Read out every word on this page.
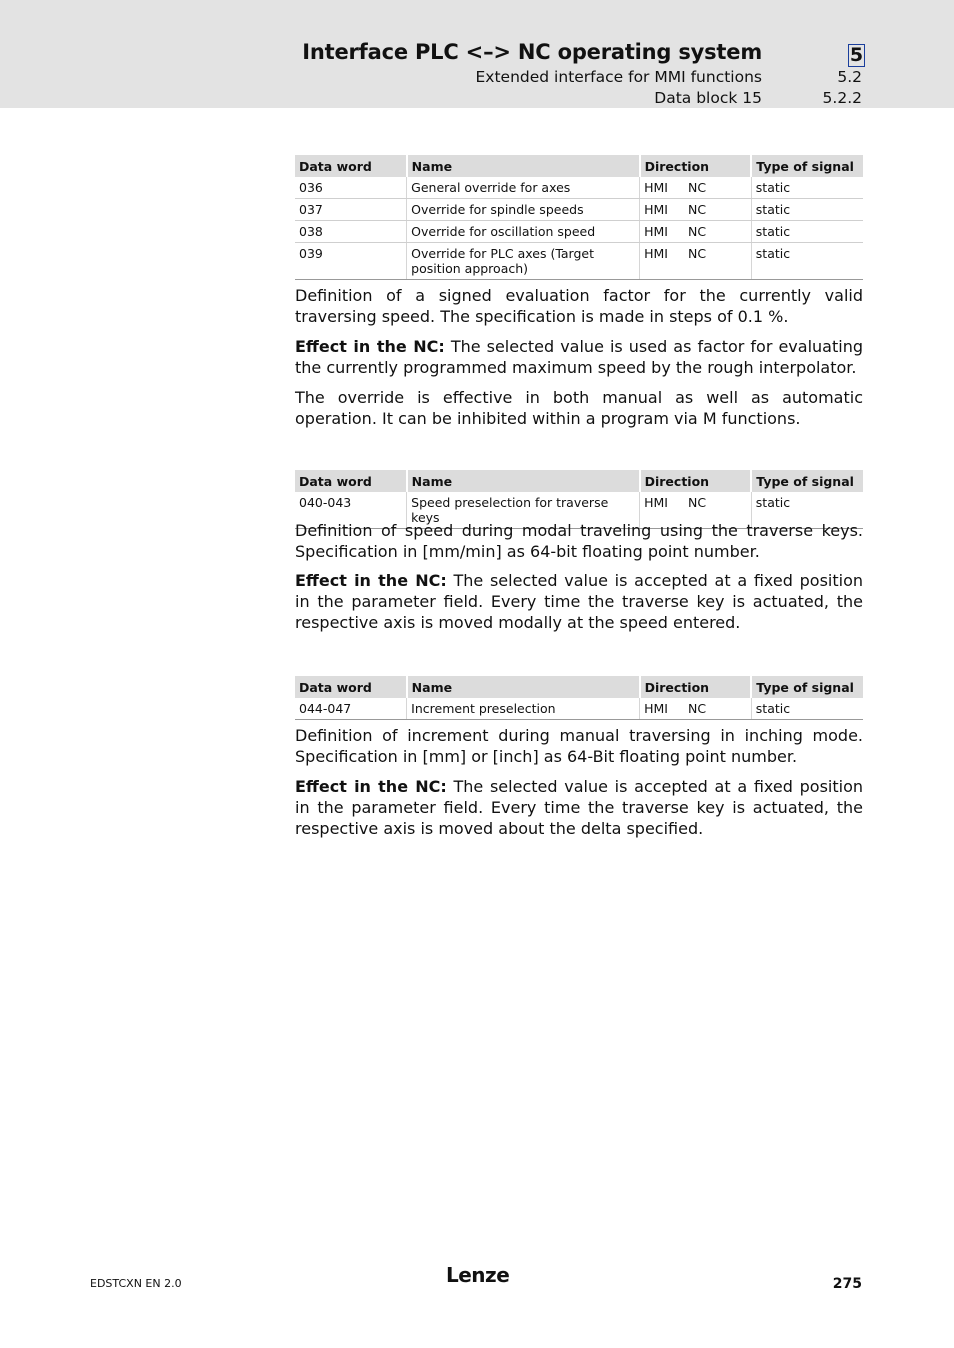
Interface PLC <–> NC operating system	5
Extended interface for MMI functions	5.2
Data block 15	5.2.2
Data word	Name	Direction	Type of signal
036	General override for axes	HMI NC	static
037	Override for spindle speeds	HMI NC	static
038	Override for oscillation speed	HMI NC	static
039	Override for PLC axes (Target position approach)	HMI NC	static

Definition of a signed evaluation factor for the currently valid traversing speed. The specification is made in steps of 0.1 %.

Effect in the NC: The selected value is used as factor for evaluating the currently programmed maximum speed by the rough interpolator.

The override is effective in both manual as well as automatic operation. It can be inhibited within a program via M functions.

Data word	Name	Direction	Type of signal
040-043	Speed preselection for traverse keys	HMI NC	static

Definition of speed during modal traveling using the traverse keys. Specification in [mm/min] as 64-bit floating point number.

Effect in the NC: The selected value is accepted at a fixed position in the parameter field. Every time the traverse key is actuated, the respective axis is moved modally at the speed entered.

Data word	Name	Direction	Type of signal
044-047	Increment preselection	HMI NC	static

Definition of increment during manual traversing in inching mode. Specification in [mm] or [inch] as 64-Bit floating point number.

Effect in the NC: The selected value is accepted at a fixed position in the parameter field. Every time the traverse key is actuated, the respective axis is moved about the delta specified.

EDSTCXN EN 2.0	Lenze	275
